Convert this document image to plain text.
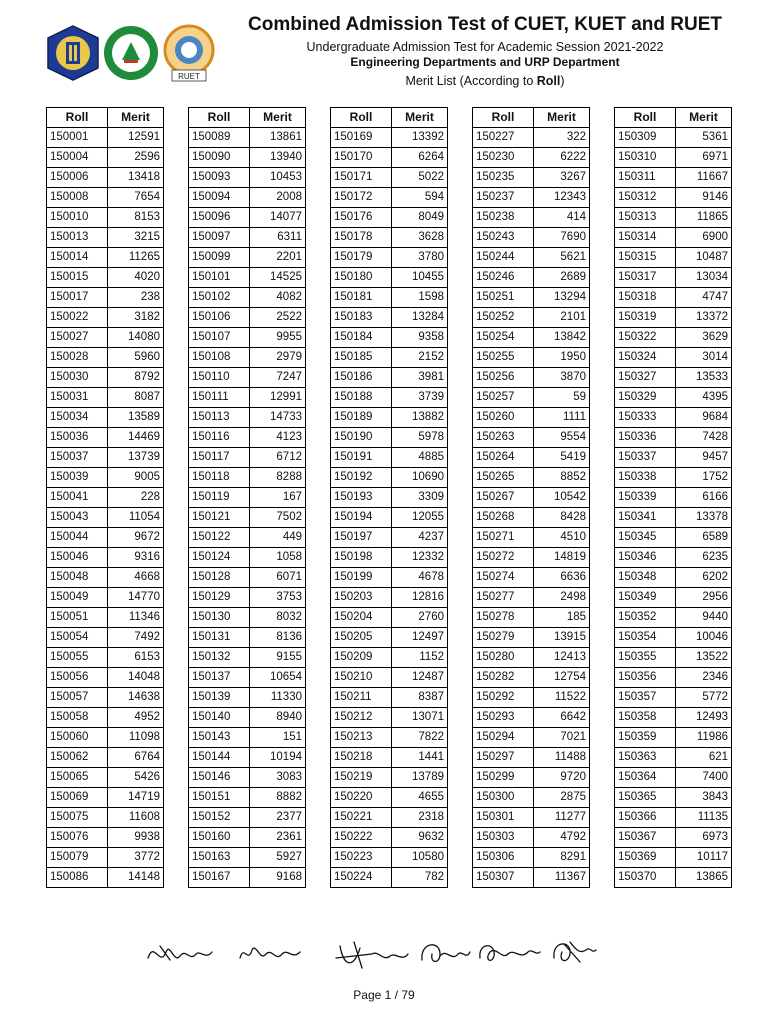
RUET
Combined Admission Test of CUET, KUET and RUET
Undergraduate Admission Test for Academic Session 2021-2022
Engineering Departments and URP Department
Merit List (According to Roll)
Roll	Merit
150001	12591
150004	2596
150006	13418
150008	7654
150010	8153
150013	3215
150014	11265
150015	4020
150017	238
150022	3182
150027	14080
150028	5960
150030	8792
150031	8087
150034	13589
150036	14469
150037	13739
150039	9005
150041	228
150043	11054
150044	9672
150046	9316
150048	4668
150049	14770
150051	11346
150054	7492
150055	6153
150056	14048
150057	14638
150058	4952
150060	11098
150062	6764
150065	5426
150069	14719
150075	11608
150076	9938
150079	3772
150086	14148
Roll	Merit
150089	13861
150090	13940
150093	10453
150094	2008
150096	14077
150097	6311
150099	2201
150101	14525
150102	4082
150106	2522
150107	9955
150108	2979
150110	7247
150111	12991
150113	14733
150116	4123
150117	6712
150118	8288
150119	167
150121	7502
150122	449
150124	1058
150128	6071
150129	3753
150130	8032
150131	8136
150132	9155
150137	10654
150139	11330
150140	8940
150143	151
150144	10194
150146	3083
150151	8882
150152	2377
150160	2361
150163	5927
150167	9168
Roll	Merit
150169	13392
150170	6264
150171	5022
150172	594
150176	8049
150178	3628
150179	3780
150180	10455
150181	1598
150183	13284
150184	9358
150185	2152
150186	3981
150188	3739
150189	13882
150190	5978
150191	4885
150192	10690
150193	3309
150194	12055
150197	4237
150198	12332
150199	4678
150203	12816
150204	2760
150205	12497
150209	1152
150210	12487
150211	8387
150212	13071
150213	7822
150218	1441
150219	13789
150220	4655
150221	2318
150222	9632
150223	10580
150224	782
Roll	Merit
150227	322
150230	6222
150235	3267
150237	12343
150238	414
150243	7690
150244	5621
150246	2689
150251	13294
150252	2101
150254	13842
150255	1950
150256	3870
150257	59
150260	1111
150263	9554
150264	5419
150265	8852
150267	10542
150268	8428
150271	4510
150272	14819
150274	6636
150277	2498
150278	185
150279	13915
150280	12413
150282	12754
150292	11522
150293	6642
150294	7021
150297	11488
150299	9720
150300	2875
150301	11277
150303	4792
150306	8291
150307	11367
Roll	Merit
150309	5361
150310	6971
150311	11667
150312	9146
150313	11865
150314	6900
150315	10487
150317	13034
150318	4747
150319	13372
150322	3629
150324	3014
150327	13533
150329	4395
150333	9684
150336	7428
150337	9457
150338	1752
150339	6166
150341	13378
150345	6589
150346	6235
150348	6202
150349	2956
150352	9440
150354	10046
150355	13522
150356	2346
150357	5772
150358	12493
150359	11986
150363	621
150364	7400
150365	3843
150366	11135
150367	6973
150369	10117
150370	13865
Page 1 / 79
